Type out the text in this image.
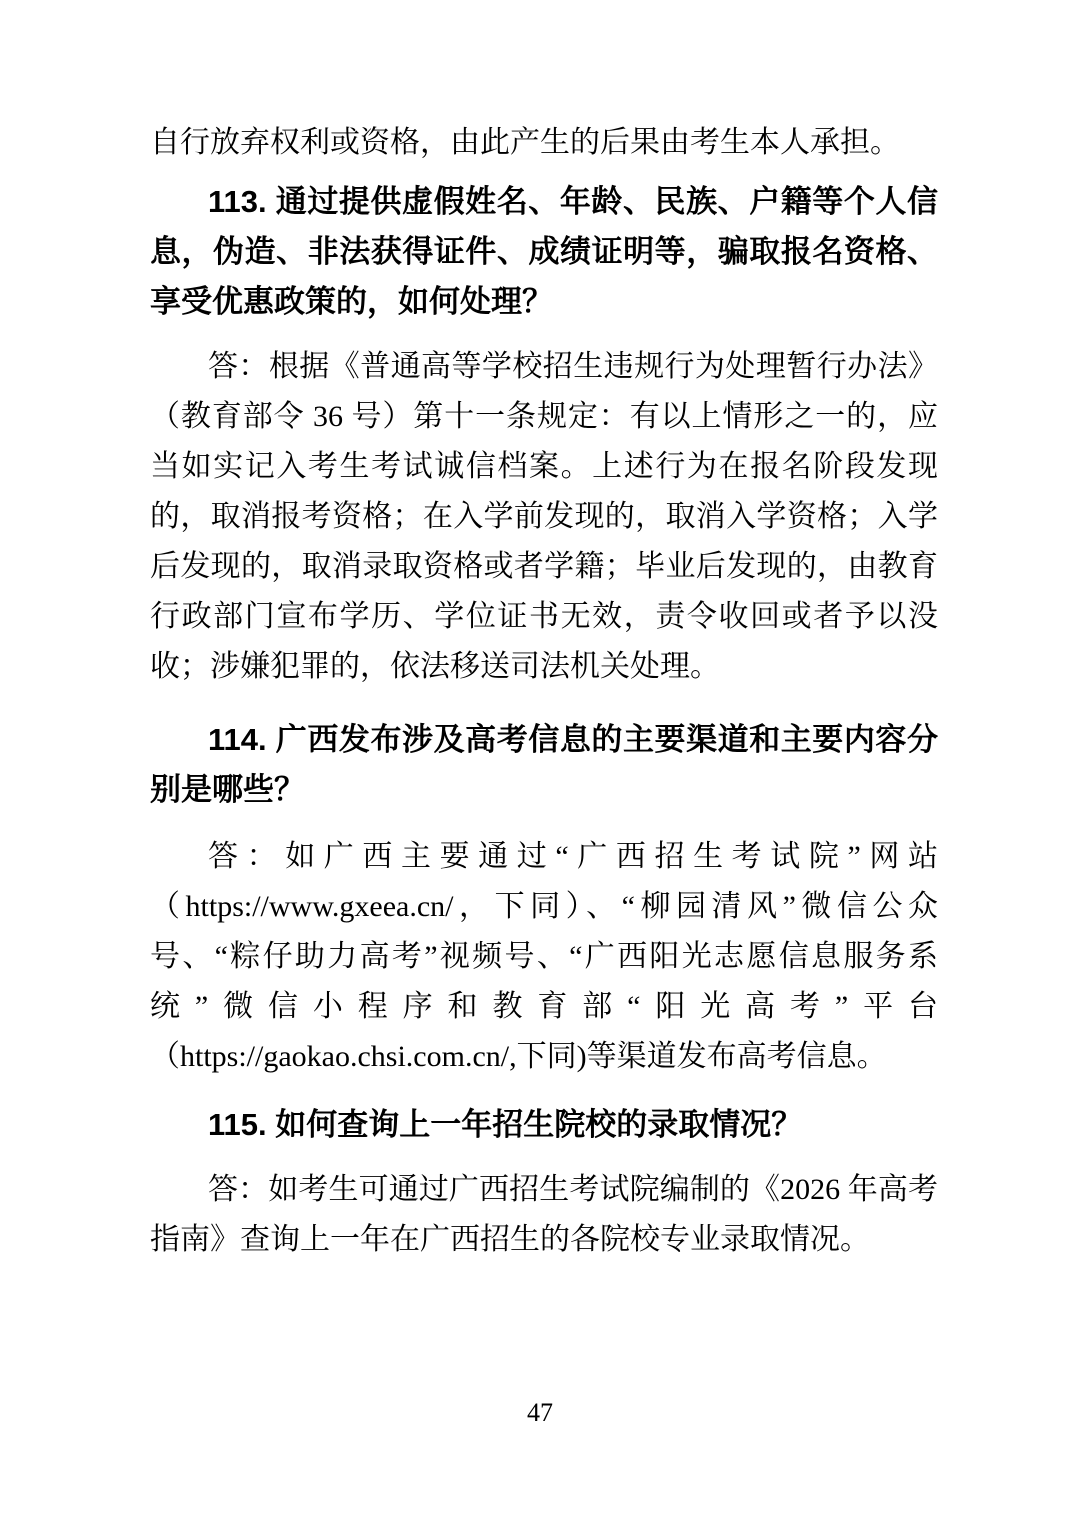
自行放弃权利或资格，由此产生的后果由考生本人承担。

113. 通过提供虚假姓名、年龄、民族、户籍等个人信息，伪造、非法获得证件、成绩证明等，骗取报名资格、享受优惠政策的，如何处理？

答：根据《普通高等学校招生违规行为处理暂行办法》（教育部令 36 号）第十一条规定：有以上情形之一的，应当如实记入考生考试诚信档案。上述行为在报名阶段发现的，取消报考资格；在入学前发现的，取消入学资格；入学后发现的，取消录取资格或者学籍；毕业后发现的，由教育行政部门宣布学历、学位证书无效，责令收回或者予以没收；涉嫌犯罪的，依法移送司法机关处理。

114. 广西发布涉及高考信息的主要渠道和主要内容分别是哪些？

答：如广西主要通过“广西招生考试院”网站（https://www.gxeea.cn/，下同）、“柳园清风”微信公众号、“粽仔助力高考”视频号、“广西阳光志愿信息服务系统”微信小程序和教育部“阳光高考”平台（https://gaokao.chsi.com.cn/,下同)等渠道发布高考信息。

115. 如何查询上一年招生院校的录取情况？

答：如考生可通过广西招生考试院编制的《2026 年高考指南》查询上一年在广西招生的各院校专业录取情况。

47
